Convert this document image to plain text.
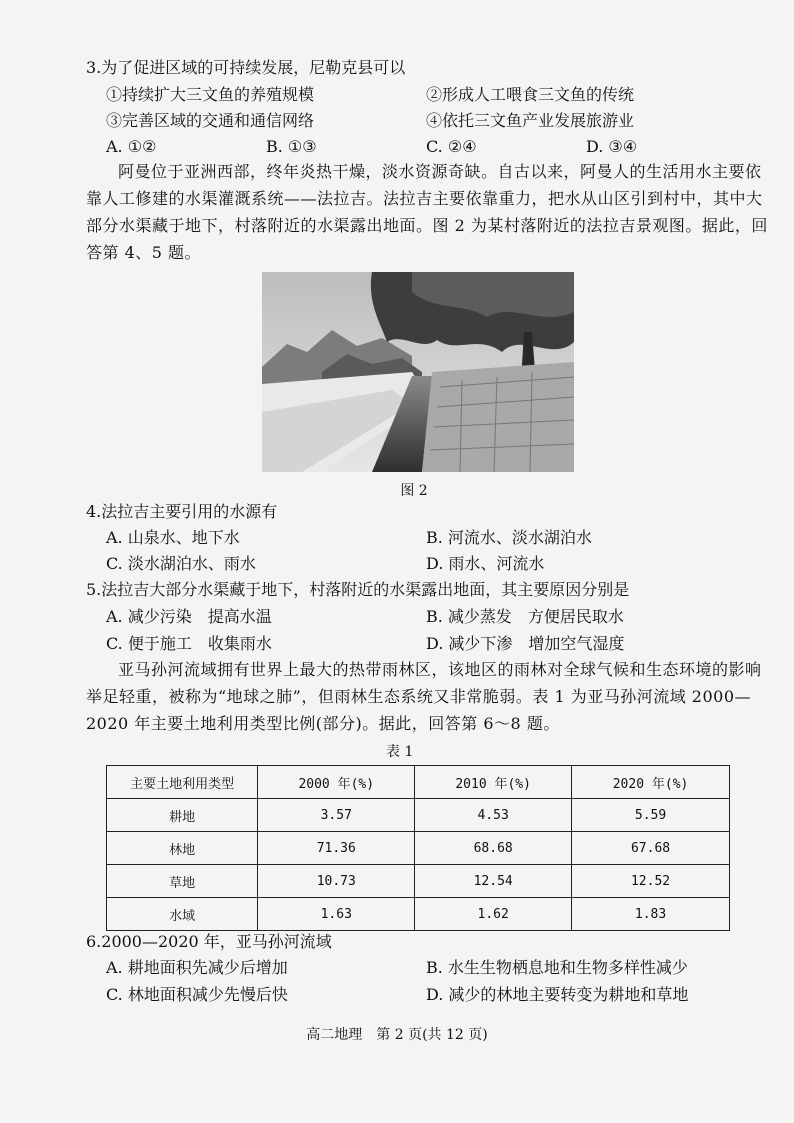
3.为了促进区域的可持续发展，尼勒克县可以
①持续扩大三文鱼的养殖规模	②形成人工喂食三文鱼的传统
③完善区域的交通和通信网络	④依托三文鱼产业发展旅游业
A. ①②	B. ①③	C. ②④	D. ③④
阿曼位于亚洲西部，终年炎热干燥，淡水资源奇缺。自古以来，阿曼人的生活用水主要依靠人工修建的水渠灌溉系统——法拉吉。法拉吉主要依靠重力，把水从山区引到村中，其中大部分水渠藏于地下，村落附近的水渠露出地面。图 2 为某村落附近的法拉吉景观图。据此，回答第 4、5 题。
图 2
4.法拉吉主要引用的水源有
A. 山泉水、地下水	B. 河流水、淡水湖泊水
C. 淡水湖泊水、雨水	D. 雨水、河流水
5.法拉吉大部分水渠藏于地下，村落附近的水渠露出地面，其主要原因分别是
A. 减少污染　提高水温	B. 减少蒸发　方便居民取水
C. 便于施工　收集雨水	D. 减少下渗　增加空气湿度
亚马孙河流域拥有世界上最大的热带雨林区，该地区的雨林对全球气候和生态环境的影响举足轻重，被称为“地球之肺”，但雨林生态系统又非常脆弱。表 1 为亚马孙河流域 2000—2020 年主要土地利用类型比例(部分)。据此，回答第 6～8 题。
表 1
主要土地利用类型	2000 年(%)	2010 年(%)	2020 年(%)
耕地	3.57	4.53	5.59
林地	71.36	68.68	67.68
草地	10.73	12.54	12.52
水域	1.63	1.62	1.83
6.2000—2020 年，亚马孙河流域
A. 耕地面积先减少后增加	B. 水生生物栖息地和生物多样性减少
C. 林地面积减少先慢后快	D. 减少的林地主要转变为耕地和草地
高二地理　第 2 页(共 12 页)
